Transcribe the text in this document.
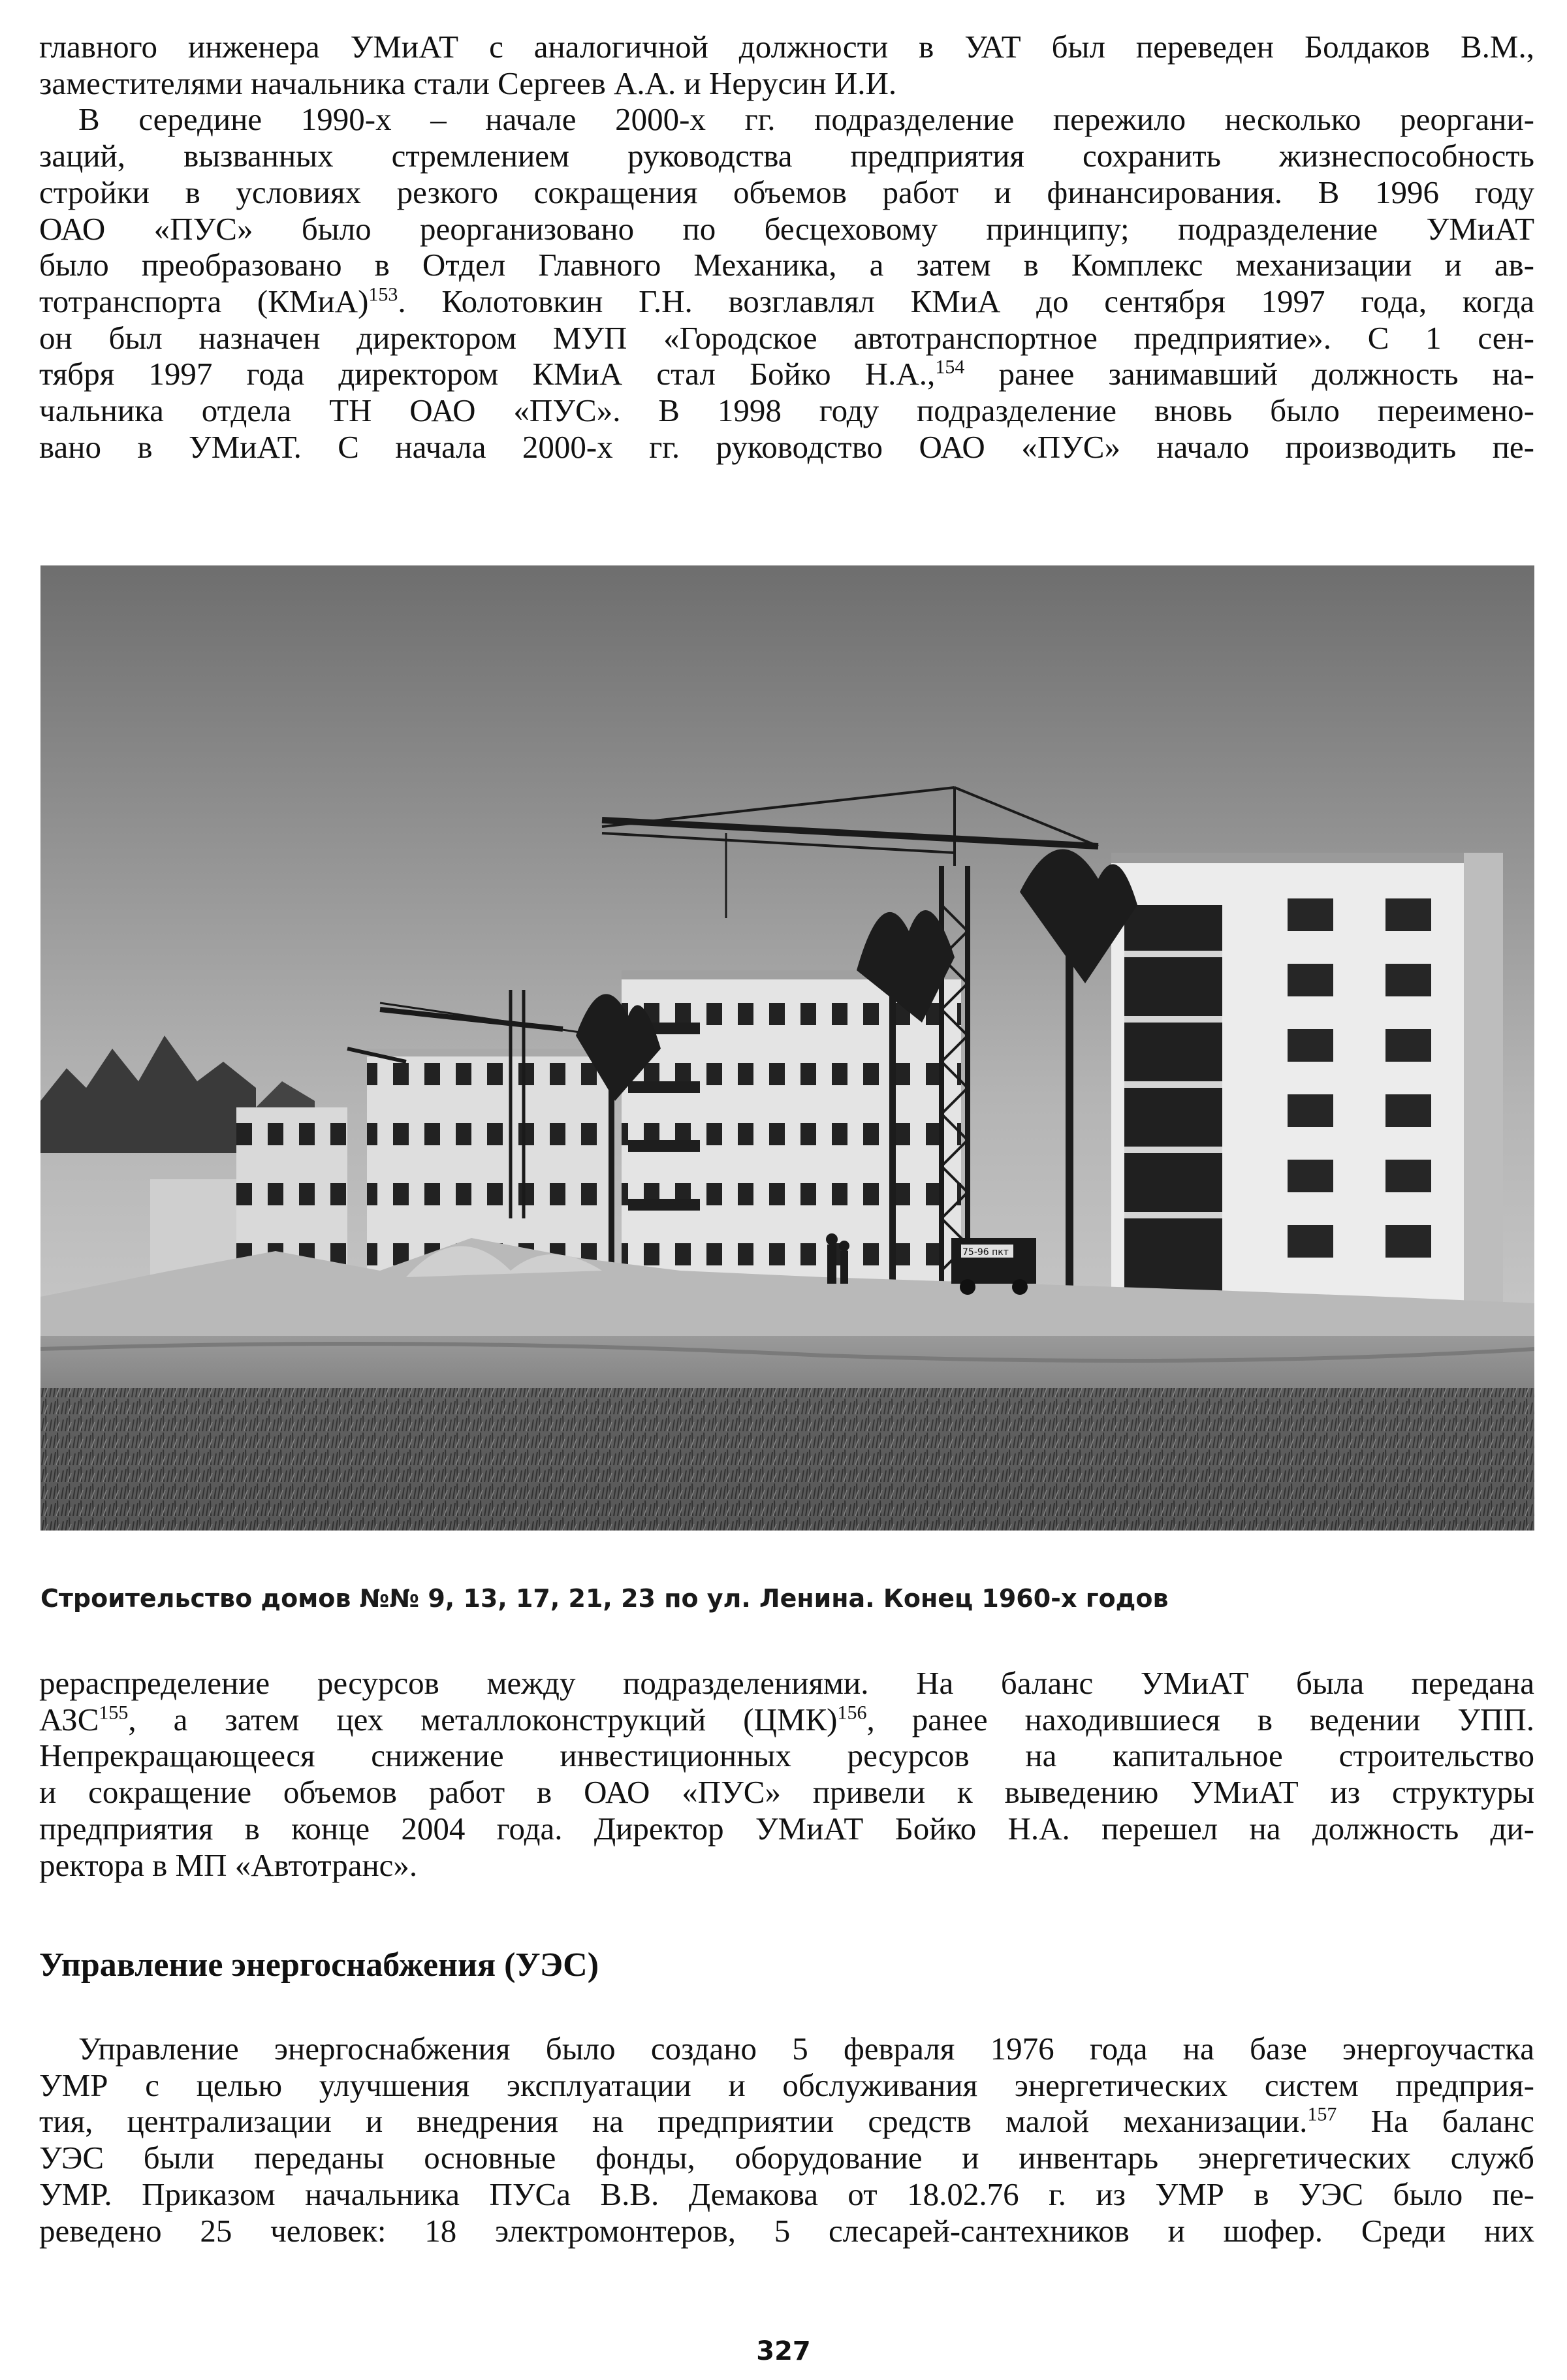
главного инженера УМиАТ с аналогичной должности в УАТ был переведен Болдаков В.М.,
заместителями начальника стали Сергеев А.А. и Нерусин И.И.
В середине 1990-х – начале 2000-х гг. подразделение пережило несколько реоргани-
заций, вызванных стремлением руководства предприятия сохранить жизнеспособность
стройки в условиях резкого сокращения объемов работ и финансирования. В 1996 году
ОАО «ПУС» было реорганизовано по бесцеховому принципу; подразделение УМиАТ
было преобразовано в Отдел Главного Механика, а затем в Комплекс механизации и ав-
тотранспорта (КМиА)$^{153}$. Колотовкин Г.Н. возглавлял КМиА до сентября 1997 года, когда
он был назначен директором МУП «Городское автотранспортное предприятие». С 1 сен-
тября 1997 года директором КМиА стал Бойко Н.А.,$^{154}$ ранее занимавший должность на-
чальника отдела ТН ОАО «ПУС». В 1998 году подразделение вновь было переимено-
вано в УМиАТ. С начала 2000-х гг. руководство ОАО «ПУС» начало производить пе-

75-96 пкт

Строительство домов №№ 9, 13, 17, 21, 23 по ул. Ленина. Конец 1960-х годов

рераспределение ресурсов между подразделениями. На баланс УМиАТ была передана
АЗС$^{155}$, а затем цех металлоконструкций (ЦМК)$^{156}$, ранее находившиеся в ведении УПП.
Непрекращающееся снижение инвестиционных ресурсов на капитальное строительство
и сокращение объемов работ в ОАО «ПУС» привели к выведению УМиАТ из структуры
предприятия в конце 2004 года. Директор УМиАТ Бойко Н.А. перешел на должность ди-
ректора в МП «Автотранс».

Управление энергоснабжения (УЭС)

Управление энергоснабжения было создано 5 февраля 1976 года на базе энергоучастка
УМР с целью улучшения эксплуатации и обслуживания энергетических систем предприя-
тия, централизации и внедрения на предприятии средств малой механизации.$^{157}$ На баланс
УЭС были переданы основные фонды, оборудование и инвентарь энергетических служб
УМР. Приказом начальника ПУСа В.В. Демакова от 18.02.76 г. из УМР в УЭС было пе-
реведено 25 человек: 18 электромонтеров, 5 слесарей-сантехников и шофер. Среди них

327
